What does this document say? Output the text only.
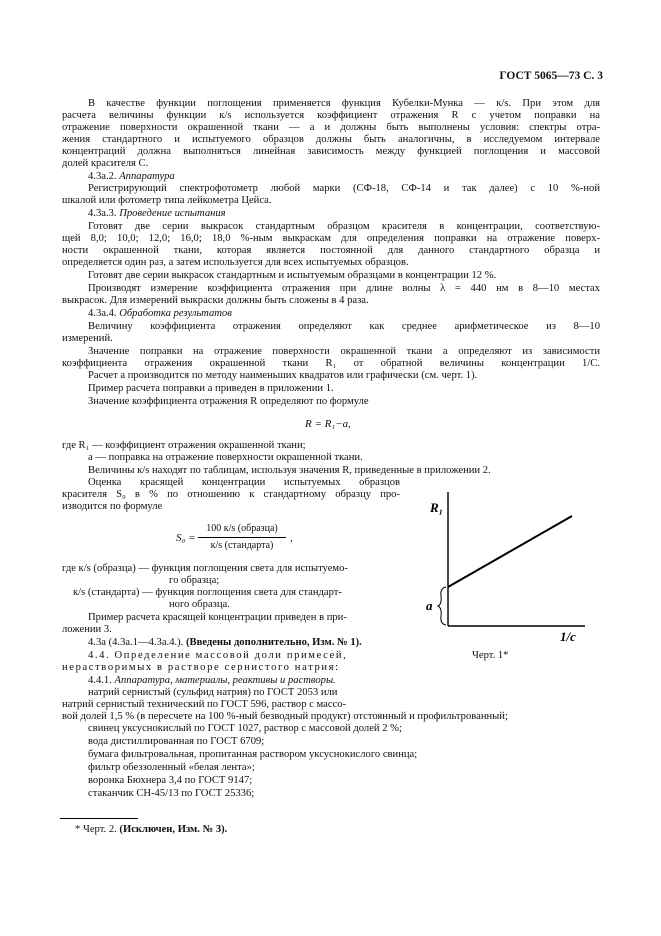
ГОСТ 5065—73 С. 3
В качестве функции поглощения применяется функция Кубелки-Мунка — к/s. При этом для
расчета величины функции к/s используется коэффициент отражения R с учетом поправки на
отражение поверхности окрашенной ткани — a и должны быть выполнены условия: спектры отра-
жения стандартного и испытуемого образцов должны быть аналогичны, в исследуемом интервале
концентраций должна выполняться линейная зависимость между функцией поглощения и массовой
долей красителя С.
4.3а.2. Аппаратура
Регистрирующий спектрофотометр любой марки (СФ-18, СФ-14 и так далее) с 10 %-ной
шкалой или фотометр типа лейкометра Цейса.
4.3а.3. Проведение испытания
Готовят две серии выкрасок стандартным образцом красителя в концентрации, соответствую-
щей 8,0; 10,0; 12,0; 16,0; 18,0 %-ным выкраскам для определения поправки на отражение поверх-
ности окрашенной ткани, которая является постоянной для данного стандартного образца и
определяется один раз, а затем используется для всех испытуемых образцов.
Готовят две серии выкрасок стандартным и испытуемым образцами в концентрации 12 %.
Производят измерение коэффициента отражения при длине волны λ = 440 нм в 8—10 местах
выкрасок. Для измерений выкраски должны быть сложены в 4 раза.
4.3а.4. Обработка результатов
Величину коэффициента отражения определяют как среднее арифметическое из 8—10
измерений.
Значение поправки на отражение поверхности окрашенной ткани a определяют из зависимости
коэффициента отражения окрашенной ткани R₁ от обратной величины концентрации 1/С.
Расчет a производится по методу наименьших квадратов или графически (см. черт. 1).
Пример расчета поправки a приведен в приложении 1.
Значение коэффициента отражения R определяют по формуле
R = R₁−a,
где R₁ — коэффициент отражения окрашенной ткани;
a — поправка на отражение поверхности окрашенной ткани.
Величины к/s находят по таблицам, используя значения R, приведенные в приложении 2.
Оценка красящей концентрации испытуемых образцов
красителя S₀ в % по отношению к стандартному образцу про-
изводится по формуле
S₀ =
100 к/s (образца)
к/s (стандарта)
,
где к/s (образца) — функция поглощения света для испытуемо-
го образца;
к/s (стандарта) — функция поглощения света для стандарт-
ного образца.
Пример расчета красящей концентрации приведен в при-
ложении 3.
4.3а (4.3а.1—4.3а.4.). (Введены дополнительно, Изм. № 1).
4.4. Определение массовой доли примесей,
нерастворимых в растворе сернистого натрия:
4.4.1. Аппаратура, материалы, реактивы и растворы.
натрий сернистый (сульфид натрия) по ГОСТ 2053 или
натрий сернистый технический по ГОСТ 596, раствор с массо-
вой долей 1,5 % (в пересчете на 100 %-ный безводный продукт) отстоянный и профильтрованный;
свинец уксуснокислый по ГОСТ 1027, раствор с массовой долей 2 %;
вода дистиллированная по ГОСТ 6709;
бумага фильтровальная, пропитанная раствором уксуснокислого свинца;
фильтр обеззоленный «белая лента»;
воронка Бюхнера 3,4 по ГОСТ 9147;
стаканчик СН-45/13 по ГОСТ 25336;
R₁
a
1/c
Черт. 1*
* Черт. 2. (Исключен, Изм. № 3).
